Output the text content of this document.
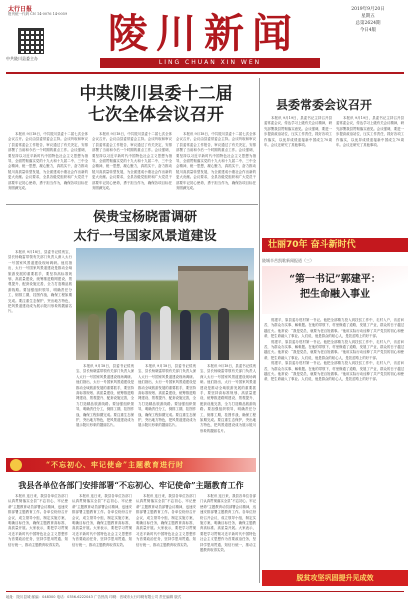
太行日报
报刊统一代码 CN 14-0076 14-0059
中共陵川县委主办
陵川新闻
2019年9月20日
星期五
总第2624期
今日4版
LING CHUAN XIN WEN
中共陵川县委十二届
七次全体会议召开

本报讯 9月18日，中共陵川县委十二届七次全体会议召开。会议由县委常委会主持。会议听取和审议了县委常委会工作报告，审议通过了有关决定，安排部署了当前和今后一个时期的重点工作。会议强调，要坚持以习近平新时代中国特色社会主义思想为指导，全面贯彻落实党的十九大和十九届二中、三中全会精神，统一思想，凝心聚力，真抓实干，奋力推动陵川高质量转型发展，为全面建成小康社会作出新的更大贡献。会议要求，全县各级党组织和广大党员干部要牢记初心使命，勇于担当作为，确保各项目标任务圆满完成。

本报讯 9月18日，中共陵川县委十二届七次全体会议召开。会议由县委常委会主持。会议听取和审议了县委常委会工作报告，审议通过了有关决定，安排部署了当前和今后一个时期的重点工作。会议强调，要坚持以习近平新时代中国特色社会主义思想为指导，全面贯彻落实党的十九大和十九届二中、三中全会精神，统一思想，凝心聚力，真抓实干，奋力推动陵川高质量转型发展，为全面建成小康社会作出新的更大贡献。会议要求，全县各级党组织和广大党员干部要牢记初心使命，勇于担当作为，确保各项目标任务圆满完成。

本报讯 9月18日，中共陵川县委十二届七次全体会议召开。会议由县委常委会主持。会议听取和审议了县委常委会工作报告，审议通过了有关决定，安排部署了当前和今后一个时期的重点工作。会议强调，要坚持以习近平新时代中国特色社会主义思想为指导，全面贯彻落实党的十九大和十九届二中、三中全会精神，统一思想，凝心聚力，真抓实干，奋力推动陵川高质量转型发展，为全面建成小康社会作出新的更大贡献。会议要求，全县各级党组织和广大党员干部要牢记初心使命，勇于担当作为，确保各项目标任务圆满完成。

县委常委会议召开

本报讯 9月19日，县委书记主持召开县委常委会议，传达学习上级有关会议精神，研究部署我县贯彻落实意见。会议强调，要进一步提高政治站位，压实工作责任，抓好各项工作落实，以优异成绩迎接新中国成立70周年。会议还研究了其他事项。

本报讯 9月19日，县委书记主持召开县委常委会议，传达学习上级有关会议精神，研究部署我县贯彻落实意见。会议强调，要进一步提高政治站位，压实工作责任，抓好各项工作落实，以优异成绩迎接新中国成立70周年。会议还研究了其他事项。

侯贵宝杨晓雷调研
太行一号国家风景道建设

本报讯 9月18日，县委书记侯贵宝、县长杨晓雷带领有关部门负责人深入太行一号国家风景道建设现场调研。他们指出，太行一号国家风景道建设是推动全域旅游发展的重要抓手，要坚持高标准规划、高质量建设，统筹推进路网建设、景观提升、配套设施完善，全力打造精品旅游线路。要加强组织领导，明确责任分工，倒排工期，挂图作战，确保工程如期完成。要注重生态保护，突出地方特色，把风景道建设成为展示陵川形象的靓丽名片。

本报讯 9月18日，县委书记侯贵宝、县长杨晓雷带领有关部门负责人深入太行一号国家风景道建设现场调研。他们指出，太行一号国家风景道建设是推动全域旅游发展的重要抓手，要坚持高标准规划、高质量建设，统筹推进路网建设、景观提升、配套设施完善，全力打造精品旅游线路。要加强组织领导，明确责任分工，倒排工期，挂图作战，确保工程如期完成。要注重生态保护，突出地方特色，把风景道建设成为展示陵川形象的靓丽名片。

本报讯 9月18日，县委书记侯贵宝、县长杨晓雷带领有关部门负责人深入太行一号国家风景道建设现场调研。他们指出，太行一号国家风景道建设是推动全域旅游发展的重要抓手，要坚持高标准规划、高质量建设，统筹推进路网建设、景观提升、配套设施完善，全力打造精品旅游线路。要加强组织领导，明确责任分工，倒排工期，挂图作战，确保工程如期完成。要注重生态保护，突出地方特色，把风景道建设成为展示陵川形象的靓丽名片。

本报讯 9月18日，县委书记侯贵宝、县长杨晓雷带领有关部门负责人深入太行一号国家风景道建设现场调研。他们指出，太行一号国家风景道建设是推动全域旅游发展的重要抓手，要坚持高标准规划、高质量建设，统筹推进路网建设、景观提升、配套设施完善，全力打造精品旅游线路。要加强组织领导，明确责任分工，倒排工期，挂图作战，确保工程如期完成。要注重生态保护，突出地方特色，把风景道建设成为展示陵川形象的靓丽名片。

壮丽70年 奋斗新时代
陵城辛苦凯歌新闻报道（三）
“第一书记”郭建平：
把生命融入事业

郭建平，原县委办驻村第一书记。他把全部精力投入到扶贫工作中，走村入户，访贫问苦，为群众办实事、解难题。在他的带领下，村里修通了道路，发展了产业，群众的日子越过越红火。他常说：“我是党员，就要为老百姓做事。”他用实际行动诠释了共产党员的初心和使命，把生命融入了事业。人们说，他是群众的贴心人，是扶贫路上的好干部。

郭建平，原县委办驻村第一书记。他把全部精力投入到扶贫工作中，走村入户，访贫问苦，为群众办实事、解难题。在他的带领下，村里修通了道路，发展了产业，群众的日子越过越红火。他常说：“我是党员，就要为老百姓做事。”他用实际行动诠释了共产党员的初心和使命，把生命融入了事业。人们说，他是群众的贴心人，是扶贫路上的好干部。

郭建平，原县委办驻村第一书记。他把全部精力投入到扶贫工作中，走村入户，访贫问苦，为群众办实事、解难题。在他的带领下，村里修通了道路，发展了产业，群众的日子越过越红火。他常说：“我是党员，就要为老百姓做事。”他用实际行动诠释了共产党员的初心和使命，把生命融入了事业。人们说，他是群众的贴心人，是扶贫路上的好干部。

“不忘初心、牢记使命”主题教育进行时
我县各单位各部门安排部署“不忘初心、牢记使命”主题教育工作

本报讯 连日来，我县各单位各部门认真贯彻落实全县“不忘初心、牢记使命”主题教育动员部署会议精神，迅速安排部署主题教育工作。各单位纷纷召开会议，成立领导小组，制定实施方案，明确目标任务，确保主题教育高标准、高质量开展。大家表示，要把学习贯彻习近平新时代中国特色社会主义思想作为首要政治任务，坚持学思用贯通、知信行统一，推动主题教育取得实效。

本报讯 连日来，我县各单位各部门认真贯彻落实全县“不忘初心、牢记使命”主题教育动员部署会议精神，迅速安排部署主题教育工作。各单位纷纷召开会议，成立领导小组，制定实施方案，明确目标任务，确保主题教育高标准、高质量开展。大家表示，要把学习贯彻习近平新时代中国特色社会主义思想作为首要政治任务，坚持学思用贯通、知信行统一，推动主题教育取得实效。

本报讯 连日来，我县各单位各部门认真贯彻落实全县“不忘初心、牢记使命”主题教育动员部署会议精神，迅速安排部署主题教育工作。各单位纷纷召开会议，成立领导小组，制定实施方案，明确目标任务，确保主题教育高标准、高质量开展。大家表示，要把学习贯彻习近平新时代中国特色社会主义思想作为首要政治任务，坚持学思用贯通、知信行统一，推动主题教育取得实效。

本报讯 连日来，我县各单位各部门认真贯彻落实全县“不忘初心、牢记使命”主题教育动员部署会议精神，迅速安排部署主题教育工作。各单位纷纷召开会议，成立领导小组，制定实施方案，明确目标任务，确保主题教育高标准、高质量开展。大家表示，要把学习贯彻习近平新时代中国特色社会主义思想作为首要政治任务，坚持学思用贯通、知信行统一，推动主题教育取得实效。

脱贫攻坚巩固提升见成效
地址：陵川县城 邮编：048300 电话：0356-6222043 广告热线 印刷：晋城市太行印刷有限公司 责任编辑 版式
